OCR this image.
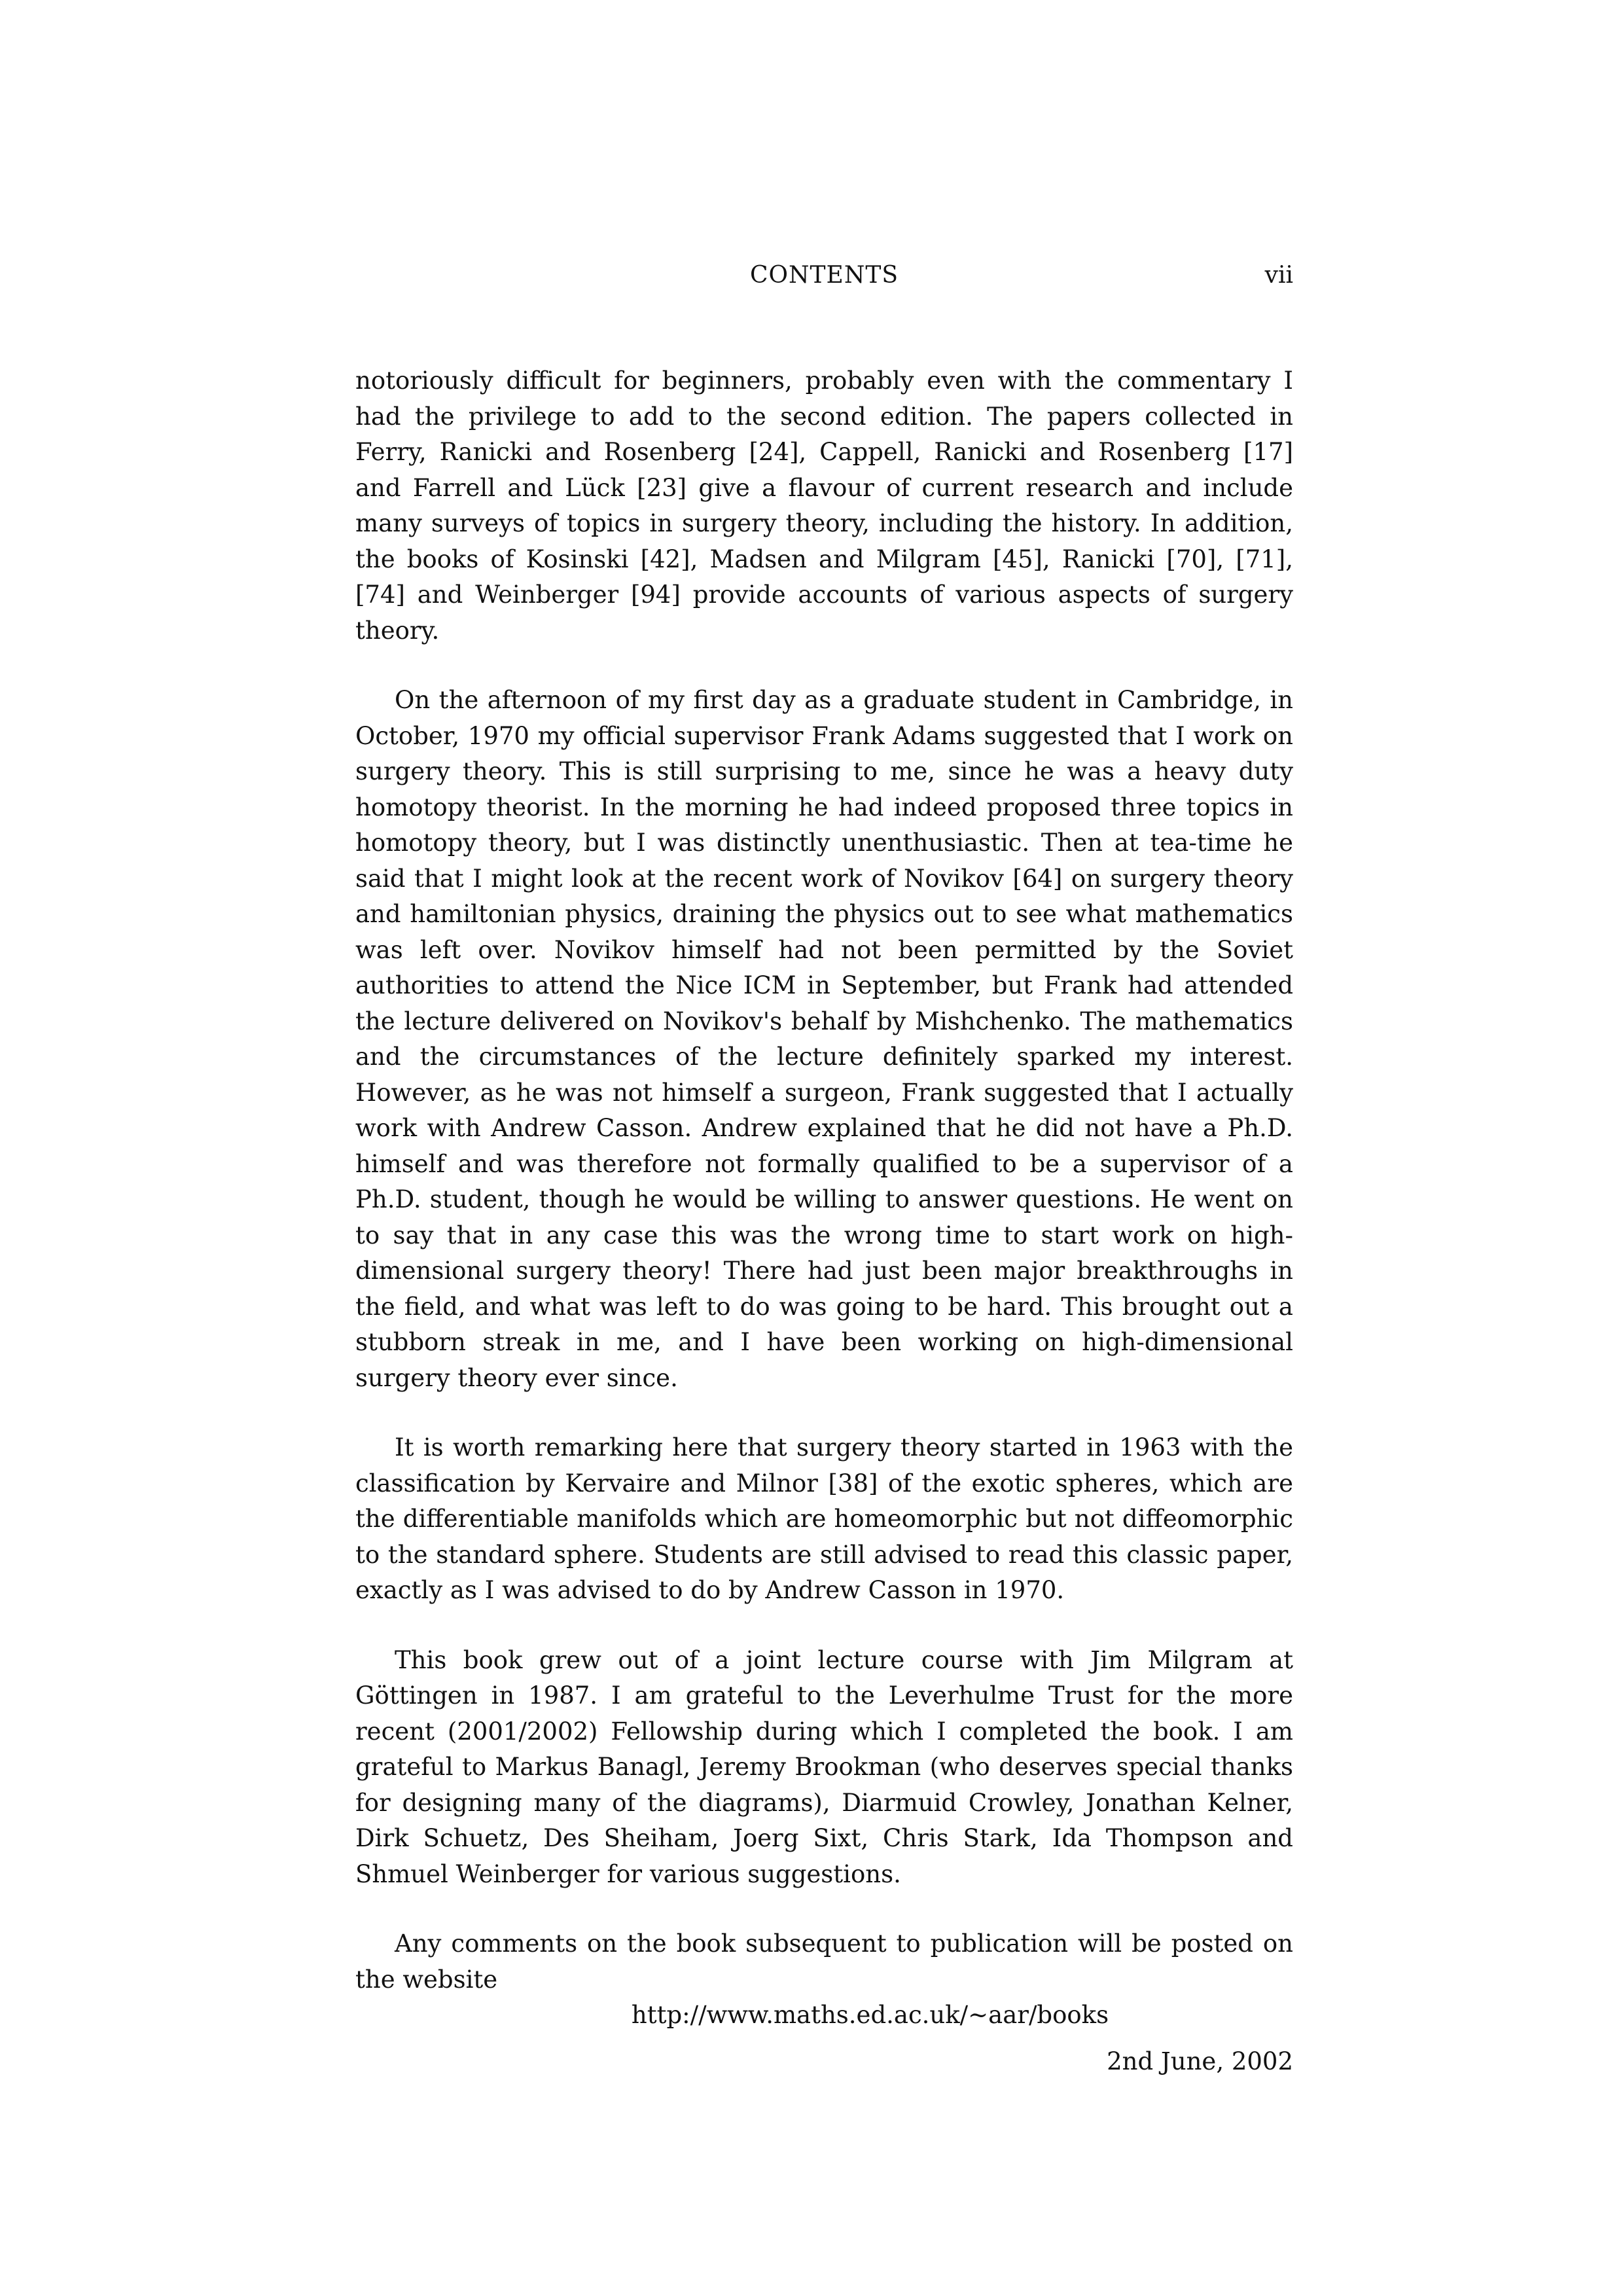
CONTENTS	vii

notoriously difficult for beginners, probably even with the commentary I had the privilege to add to the second edition. The papers collected in Ferry, Ranicki and Rosenberg [24], Cappell, Ranicki and Rosenberg [17] and Farrell and Lück [23] give a flavour of current research and include many surveys of topics in surgery theory, including the history. In addition, the books of Kosinski [42], Madsen and Milgram [45], Ranicki [70], [71], [74] and Weinberger [94] provide accounts of various aspects of surgery theory.

On the afternoon of my first day as a graduate student in Cambridge, in October, 1970 my official supervisor Frank Adams suggested that I work on surgery theory. This is still surprising to me, since he was a heavy duty homotopy theorist. In the morning he had indeed proposed three topics in homotopy theory, but I was distinctly unenthusiastic. Then at tea-time he said that I might look at the recent work of Novikov [64] on surgery theory and hamiltonian physics, draining the physics out to see what mathematics was left over. Novikov himself had not been permitted by the Soviet authorities to attend the Nice ICM in September, but Frank had attended the lecture delivered on Novikov's behalf by Mishchenko. The mathematics and the circumstances of the lecture definitely sparked my interest. However, as he was not himself a surgeon, Frank suggested that I actually work with Andrew Casson. Andrew explained that he did not have a Ph.D. himself and was therefore not formally qualified to be a supervisor of a Ph.D. student, though he would be willing to answer questions. He went on to say that in any case this was the wrong time to start work on high-dimensional surgery theory! There had just been major breakthroughs in the field, and what was left to do was going to be hard. This brought out a stubborn streak in me, and I have been working on high-dimensional surgery theory ever since.

It is worth remarking here that surgery theory started in 1963 with the classification by Kervaire and Milnor [38] of the exotic spheres, which are the differentiable manifolds which are homeomorphic but not diffeomorphic to the standard sphere. Students are still advised to read this classic paper, exactly as I was advised to do by Andrew Casson in 1970.

This book grew out of a joint lecture course with Jim Milgram at Göttingen in 1987. I am grateful to the Leverhulme Trust for the more recent (2001/2002) Fellowship during which I completed the book. I am grateful to Markus Banagl, Jeremy Brookman (who deserves special thanks for designing many of the diagrams), Diarmuid Crowley, Jonathan Kelner, Dirk Schuetz, Des Sheiham, Joerg Sixt, Chris Stark, Ida Thompson and Shmuel Weinberger for various suggestions.

Any comments on the book subsequent to publication will be posted on the website

http://www.maths.ed.ac.uk/~aar/books

2nd June, 2002
